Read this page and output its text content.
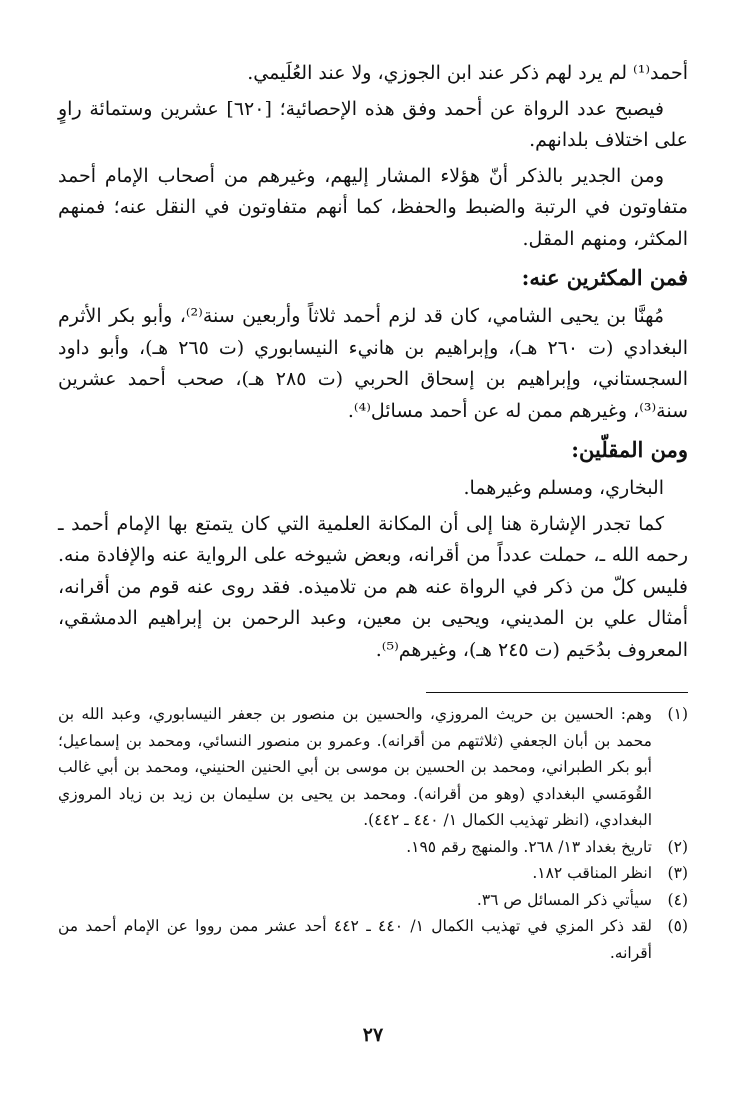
أحمد⁽¹⁾ لم يرد لهم ذكر عند ابن الجوزي، ولا عند العُلَيمي.

فيصبح عدد الرواة عن أحمد وفق هذه الإحصائية؛ [٦٢٠] عشرين وستمائة راوٍ على اختلاف بلدانهم.

ومن الجدير بالذكر أنّ هؤلاء المشار إليهم، وغيرهم من أصحاب الإمام أحمد متفاوتون في الرتبة والضبط والحفظ، كما أنهم متفاوتون في النقل عنه؛ فمنهم المكثر، ومنهم المقل.

فمن المكثرين عنه:

مُهنَّا بن يحيى الشامي، كان قد لزم أحمد ثلاثاً وأربعين سنة⁽²⁾، وأبو بكر الأثرم البغدادي (ت ٢٦٠ هـ)، وإبراهيم بن هانيء النيسابوري (ت ٢٦٥ هـ)، وأبو داود السجستاني، وإبراهيم بن إسحاق الحربي (ت ٢٨٥ هـ)، صحب أحمد عشرين سنة⁽³⁾، وغيرهم ممن له عن أحمد مسائل⁽⁴⁾.

ومن المقلّين:

البخاري، ومسلم وغيرهما.

كما تجدر الإشارة هنا إلى أن المكانة العلمية التي كان يتمتع بها الإمام أحمد ـ رحمه الله ـ، حملت عدداً من أقرانه، وبعض شيوخه على الرواية عنه والإفادة منه. فليس كلّ من ذكر في الرواة عنه هم من تلاميذه. فقد روى عنه قوم من أقرانه، أمثال علي بن المديني، ويحيى بن معين، وعبد الرحمن بن إبراهيم الدمشقي، المعروف بدُحَيم (ت ٢٤٥ هـ)، وغيرهم⁽⁵⁾.

(١)
وهم: الحسين بن حريث المروزي، والحسين بن منصور بن جعفر النيسابوري، وعبد الله بن محمد بن أبان الجعفي (ثلاثتهم من أقرانه). وعمرو بن منصور النسائي، ومحمد بن إسماعيل؛ أبو بكر الطبراني، ومحمد بن الحسين بن موسى بن أبي الحنين الحنيني، ومحمد بن أبي غالب القُومَسي البغدادي (وهو من أقرانه). ومحمد بن يحيى بن سليمان بن زيد بن زياد المروزي البغدادي، (انظر تهذيب الكمال ١/ ٤٤٠ ـ ٤٤٢).
(٢)
تاريخ بغداد ١٣/ ٢٦٨. والمنهج رقم ١٩٥.
(٣)
انظر المناقب ١٨٢.
(٤)
سيأتي ذكر المسائل ص ٣٦.
(٥)
لقد ذكر المزي في تهذيب الكمال ١/ ٤٤٠ ـ ٤٤٢ أحد عشر ممن رووا عن الإمام أحمد من أقرانه.
٢٧
